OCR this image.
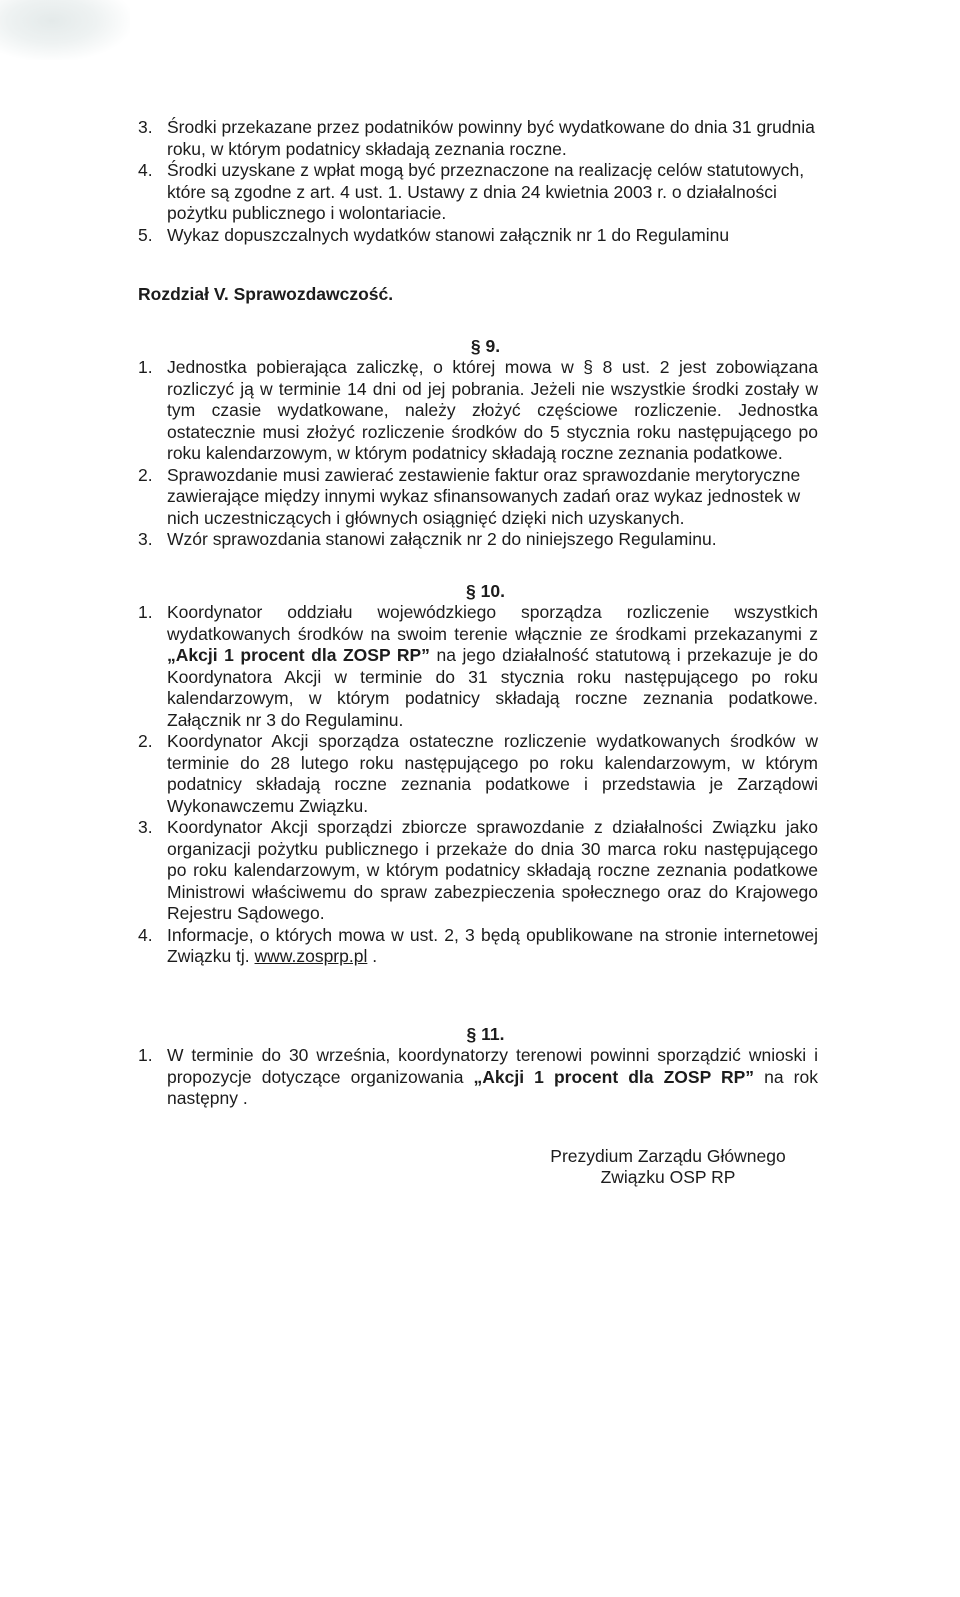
3. Środki przekazane przez podatników powinny być wydatkowane do dnia 31 grudnia roku, w którym podatnicy składają zeznania roczne.
4. Środki uzyskane z wpłat mogą być przeznaczone na realizację celów statutowych, które są zgodne z art. 4 ust. 1. Ustawy z dnia 24 kwietnia 2003 r. o działalności pożytku publicznego i wolontariacie.
5. Wykaz dopuszczalnych wydatków stanowi załącznik nr 1 do Regulaminu
Rozdział V. Sprawozdawczość.
§ 9.
1. Jednostka pobierająca zaliczkę, o której mowa w § 8 ust. 2 jest zobowiązana rozliczyć ją w terminie 14 dni od jej pobrania. Jeżeli nie wszystkie środki zostały w tym czasie wydatkowane, należy złożyć częściowe rozliczenie. Jednostka ostatecznie musi złożyć rozliczenie środków do 5 stycznia roku następującego po roku kalendarzowym, w którym podatnicy składają roczne zeznania podatkowe.
2. Sprawozdanie musi zawierać zestawienie faktur oraz sprawozdanie merytoryczne zawierające między innymi wykaz sfinansowanych zadań oraz wykaz jednostek w nich uczestniczących i głównych osiągnięć dzięki nich uzyskanych.
3. Wzór sprawozdania stanowi załącznik nr 2 do niniejszego Regulaminu.
§ 10.
1. Koordynator oddziału wojewódzkiego sporządza rozliczenie wszystkich wydatkowanych środków na swoim terenie włącznie ze środkami przekazanymi z „Akcji 1 procent dla ZOSP RP” na jego działalność statutową i przekazuje je do Koordynatora Akcji w terminie do 31 stycznia roku następującego po roku kalendarzowym, w którym podatnicy składają roczne zeznania podatkowe. Załącznik nr 3 do Regulaminu.
2. Koordynator Akcji sporządza ostateczne rozliczenie wydatkowanych środków w terminie do 28 lutego roku następującego po roku kalendarzowym, w którym podatnicy składają roczne zeznania podatkowe i przedstawia je Zarządowi Wykonawczemu Związku.
3. Koordynator Akcji sporządzi zbiorcze sprawozdanie z działalności Związku jako organizacji pożytku publicznego i przekaże do dnia 30 marca roku następującego po roku kalendarzowym, w którym podatnicy składają roczne zeznania podatkowe Ministrowi właściwemu do spraw zabezpieczenia społecznego oraz do Krajowego Rejestru Sądowego.
4. Informacje, o których mowa w ust. 2, 3 będą opublikowane na stronie internetowej Związku tj. www.zosprp.pl .
§ 11.
1. W terminie do 30 września, koordynatorzy terenowi powinni sporządzić wnioski i propozycje dotyczące organizowania „Akcji 1 procent dla ZOSP RP” na rok następny .
Prezydium Zarządu Głównego
Związku OSP RP
